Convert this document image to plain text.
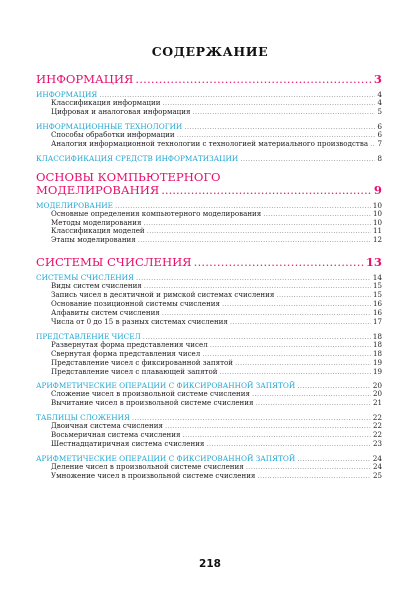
СОДЕРЖАНИЕ
ИНФОРМАЦИЯ .....	3
ИНФОРМАЦИЯ .....	4
Классификация информации .....	4
Цифровая и аналоговая информация .....	5
ИНФОРМАЦИОННЫЕ ТЕХНОЛОГИИ .....	6
Способы обработки информации .....	6
Аналогия информационной технологии с технологией материального производства ..... 7
КЛАССИФИКАЦИЯ СРЕДСТВ ИНФОРМАТИЗАЦИИ .....	8
ОСНОВЫ КОМПЬЮТЕРНОГО
МОДЕЛИРОВАНИЯ .....	9
МОДЕЛИРОВАНИЕ .....	10
Основные определения компьютерного моделирования .....	10
Методы моделирования .....	10
Классификация моделей .....	11
Этапы моделирования .....	12
СИСТЕМЫ СЧИСЛЕНИЯ .....	13
СИСТЕМЫ СЧИСЛЕНИЯ .....	14
Виды систем счисления .....	15
Запись чисел в десятичной и римской системах счисления .....	15
Основание позиционной системы счисления .....	16
Алфавиты систем счисления .....	16
Числа от 0 до 15 в разных системах счисления .....	17
ПРЕДСТАВЛЕНИЕ ЧИСЕЛ .....	18
Развернутая форма представления чисел .....	18
Свернутая форма представления чисел .....	18
Представление чисел с фиксированной запятой .....	19
Представление чисел с плавающей запятой .....	19
АРИФМЕТИЧЕСКИЕ ОПЕРАЦИИ С ФИКСИРОВАННОЙ ЗАПЯТОЙ .....	20
Сложение чисел в произвольной системе счисления .....	20
Вычитание чисел в произвольной системе счисления .....	21
ТАБЛИЦЫ СЛОЖЕНИЯ .....	22
Двоичная система счисления .....	22
Восьмеричная система счисления .....	22
Шестнадцатиричная система счисления .....	23
АРИФМЕТИЧЕСКИЕ ОПЕРАЦИИ С ФИКСИРОВАННОЙ ЗАПЯТОЙ .....	24
Деление чисел в произвольной системе счисления .....	24
Умножение чисел в произвольной системе счисления .....	25
218
